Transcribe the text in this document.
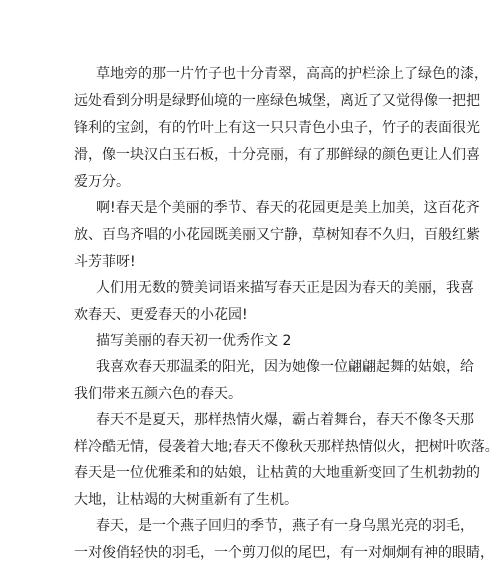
草地旁的那一片竹子也十分青翠，高高的护栏涂上了绿色的漆，

远处看到分明是绿野仙境的一座绿色城堡，离近了又觉得像一把把

锋利的宝剑，有的竹叶上有这一只只青色小虫子，竹子的表面很光

滑，像一块汉白玉石板，十分亮丽，有了那鲜绿的颜色更让人们喜

爱万分。

啊!春天是个美丽的季节、春天的花园更是美上加美，这百花齐

放、百鸟齐唱的小花园既美丽又宁静，草树知春不久归，百般红紫

斗芳菲呀!

人们用无数的赞美词语来描写春天正是因为春天的美丽，我喜

欢春天、更爱春天的小花园!

描写美丽的春天初一优秀作文 2

我喜欢春天那温柔的阳光，因为她像一位翩翩起舞的姑娘，给

我们带来五颜六色的春天。

春天不是夏天，那样热情火爆，霸占着舞台，春天不像冬天那

样冷酷无情，侵袭着大地;春天不像秋天那样热情似火，把树叶吹落。

春天是一位优雅柔和的姑娘，让枯黄的大地重新变回了生机勃勃的

大地，让枯竭的大树重新有了生机。

春天，是一个燕子回归的季节，燕子有一身乌黑光亮的羽毛，

一对俊俏轻快的羽毛，一个剪刀似的尾巴，有一对炯炯有神的眼睛，
